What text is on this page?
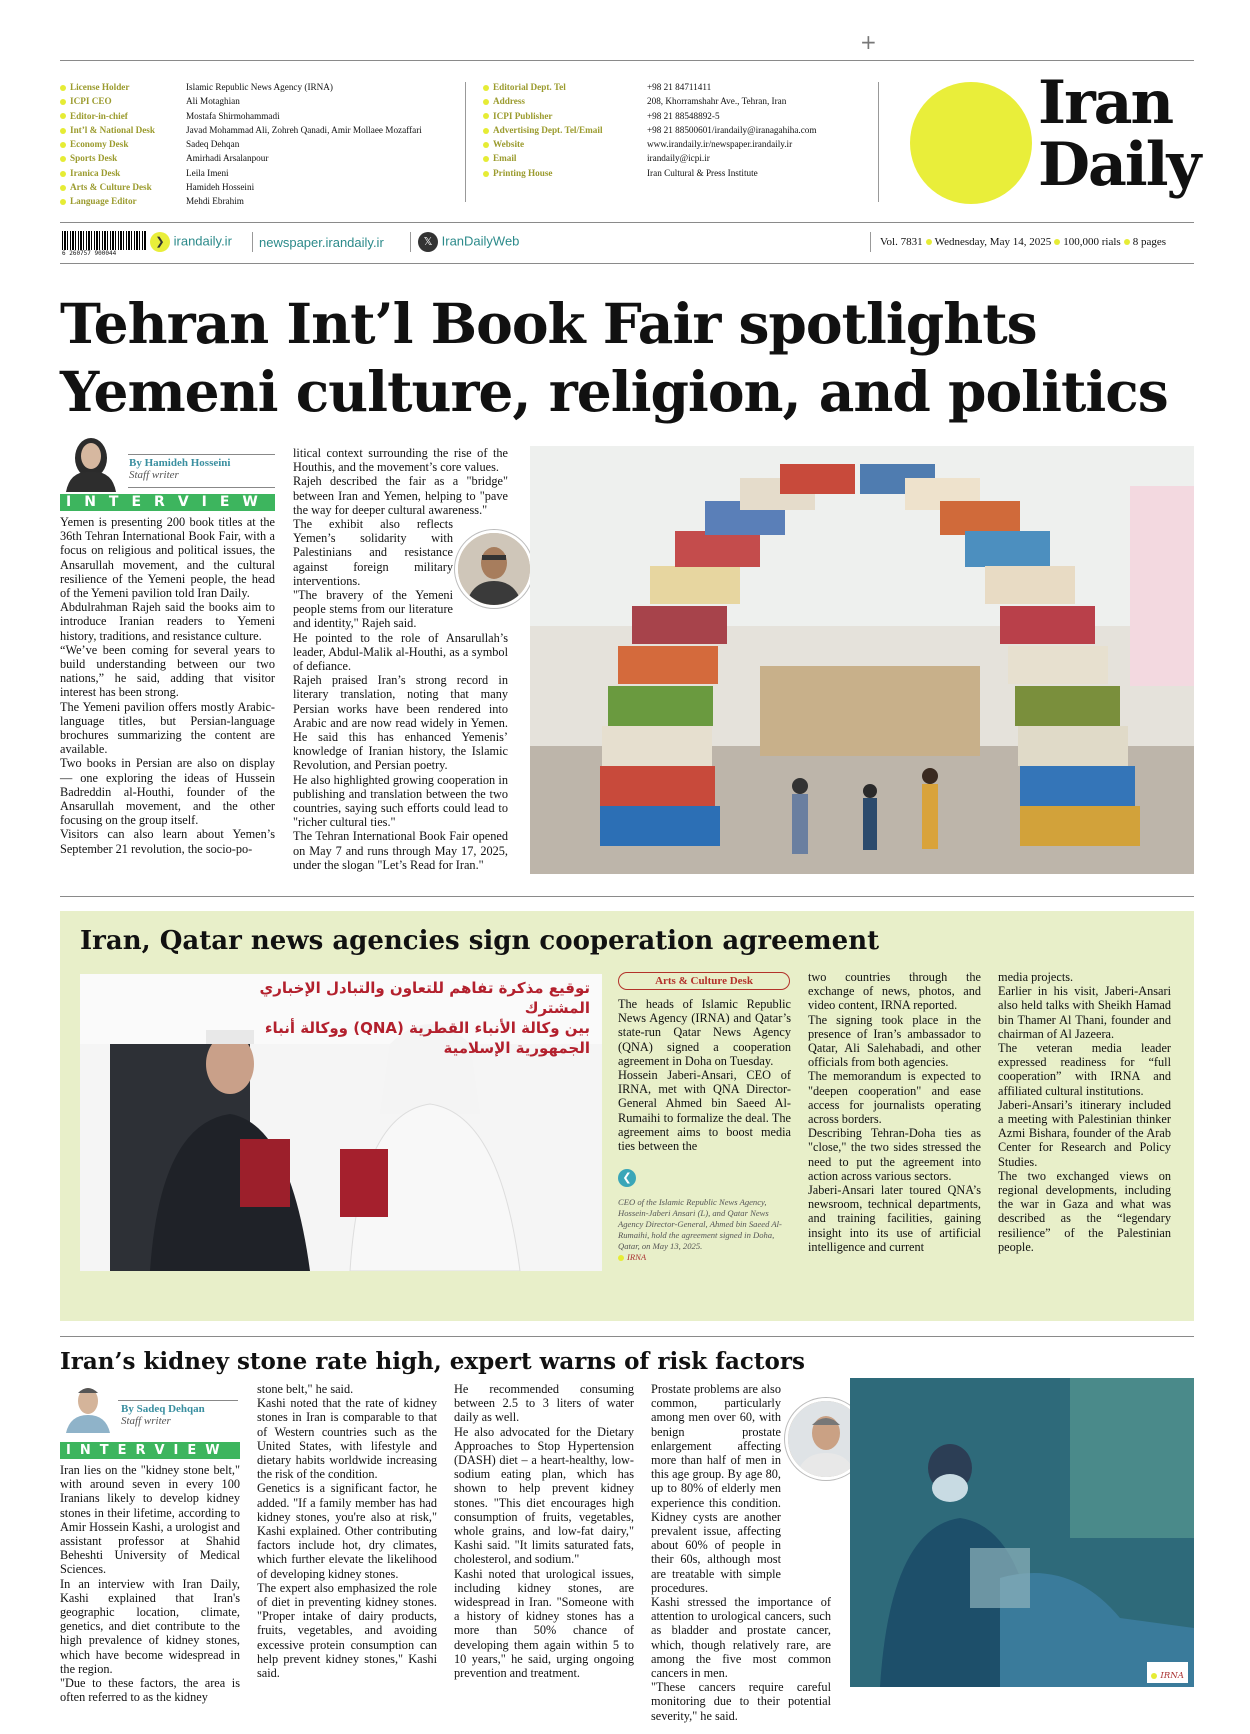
+
License Holder
ICPI CEO
Editor-in-chief
Int’l & National Desk
Economy Desk
Sports Desk
Iranica Desk
Arts & Culture Desk
Language Editor
Islamic Republic News Agency (IRNA)
Ali Motaghian
Mostafa Shirmohammadi
Javad Mohammad Ali, Zohreh Qanadi, Amir Mollaee Mozaffari
Sadeq Dehqan
Amirhadi Arsalanpour
Leila Imeni
Hamideh Hosseini
Mehdi Ebrahim
Editorial Dept. Tel
Address
ICPI Publisher
Advertising Dept. Tel/Email
Website
Email
Printing House
+98 21 84711411
208, Khorramshahr Ave., Tehran, Iran
+98 21 88548892-5
+98 21 88500601/irandaily@iranagahiha.com
www.irandaily.ir/newspaper.irandaily.ir
irandaily@icpi.ir
Iran Cultural & Press Institute
Iran
Daily
6 260757 900044
❯ irandaily.ir newspaper.irandaily.ir	𝕏 IranDailyWeb	Vol. 7831 Wednesday, May 14, 2025 100,000 rials 8 pages
Tehran Int’l Book Fair spotlights
Yemeni culture, religion, and politics
By Hamideh Hosseini
Staff writer
INTERVIEW

Yemen is presenting 200 book titles at the 36th Tehran International Book Fair, with a focus on religious and political issues, the Ansarullah movement, and the cultural resilience of the Yemeni people, the head of the Yemeni pavilion told Iran Daily.

Abdulrahman Rajeh said the books aim to introduce Iranian readers to Yemeni history, traditions, and resistance culture.

“We’ve been coming for several years to build understanding between our two nations,” he said, adding that visitor interest has been strong.

The Yemeni pavilion offers mostly Arabic-language titles, but Persian-language brochures summarizing the content are available.

Two books in Persian are also on display — one exploring the ideas of Hussein Badreddin al-Houthi, founder of the Ansarullah movement, and the other focusing on the group itself.

Visitors can also learn about Yemen’s September 21 revolution, the socio-po-

litical context surrounding the rise of the Houthis, and the movement’s core values.

Rajeh described the fair as a "bridge" between Iran and Yemen, helping to "pave the way for deeper cultural awareness."

The exhibit also reflects Yemen’s solidarity with Palestinians and resistance against foreign military interventions.

"The bravery of the Yemeni people stems from our literature and identity," Rajeh said.

He pointed to the role of Ansarullah’s leader, Abdul-Malik al-Houthi, as a symbol of defiance.

Rajeh praised Iran’s strong record in literary translation, noting that many Persian works have been rendered into Arabic and are now read widely in Yemen. He said this has enhanced Yemenis’ knowledge of Iranian history, the Islamic Revolution, and Persian poetry.

He also highlighted growing cooperation in publishing and translation between the two countries, saying such efforts could lead to "richer cultural ties."

The Tehran International Book Fair opened on May 7 and runs through May 17, 2025, under the slogan "Let’s Read for Iran."

Iran, Qatar news agencies sign cooperation agreement
توقيع مذكرة تفاهم للتعاون والتبادل الإخباري المشترك
بين وكالة الأنباء القطرية (QNA) ووكالة أنباء الجمهورية الإسلامية
Arts & Culture Desk

The heads of Islamic Republic News Agency (IRNA) and Qatar’s state-run Qatar News Agency (QNA) signed a cooperation agreement in Doha on Tuesday.

Hossein Jaberi-Ansari, CEO of IRNA, met with QNA Director-General Ahmed bin Saeed Al-Rumaihi to formalize the deal. The agreement aims to boost media ties between the

❮
CEO of the Islamic Republic News Agency, Hossein-Jaberi Ansari (L), and Qatar News Agency Director-General, Ahmed bin Saeed Al-Rumaihi, hold the agreement signed in Doha, Qatar, on May 13, 2025.
IRNA

two countries through the exchange of news, photos, and video content, IRNA reported.

The signing took place in the presence of Iran’s ambassador to Qatar, Ali Salehabadi, and other officials from both agencies.

The memorandum is expected to "deepen cooperation" and ease access for journalists operating across borders.

Describing Tehran-Doha ties as "close," the two sides stressed the need to put the agreement into action across various sectors.

Jaberi-Ansari later toured QNA’s newsroom, technical departments, and training facilities, gaining insight into its use of artificial intelligence and current

media projects.

Earlier in his visit, Jaberi-Ansari also held talks with Sheikh Hamad bin Thamer Al Thani, founder and chairman of Al Jazeera.

The veteran media leader expressed readiness for “full cooperation” with IRNA and affiliated cultural institutions.

Jaberi-Ansari’s itinerary included a meeting with Palestinian thinker Azmi Bishara, founder of the Arab Center for Research and Policy Studies.

The two exchanged views on regional developments, including the war in Gaza and what was described as the “legendary resilience” of the Palestinian people.

Iran’s kidney stone rate high, expert warns of risk factors
By Sadeq Dehqan
Staff writer
INTERVIEW

Iran lies on the "kidney stone belt," with around seven in every 100 Iranians likely to develop kidney stones in their lifetime, according to Amir Hossein Kashi, a urologist and assistant professor at Shahid Beheshti University of Medical Sciences.

In an interview with Iran Daily, Kashi explained that Iran's geographic location, climate, genetics, and diet contribute to the high prevalence of kidney stones, which have become widespread in the region.

"Due to these factors, the area is often referred to as the kidney

stone belt," he said.

Kashi noted that the rate of kidney stones in Iran is comparable to that of Western countries such as the United States, with lifestyle and dietary habits worldwide increasing the risk of the condition.

Genetics is a significant factor, he added. "If a family member has had kidney stones, you're also at risk," Kashi explained. Other contributing factors include hot, dry climates, which further elevate the likelihood of developing kidney stones.

The expert also emphasized the role of diet in preventing kidney stones. "Proper intake of dairy products, fruits, vegetables, and avoiding excessive protein consumption can help prevent kidney stones," Kashi said.

He recommended consuming between 2.5 to 3 liters of water daily as well.

He also advocated for the Dietary Approaches to Stop Hypertension (DASH) diet – a heart-healthy, low-sodium eating plan, which has shown to help prevent kidney stones. "This diet encourages high consumption of fruits, vegetables, whole grains, and low-fat dairy," Kashi said. "It limits saturated fats, cholesterol, and sodium."

Kashi noted that urological issues, including kidney stones, are widespread in Iran. "Someone with a history of kidney stones has a more than 50% chance of developing them again within 5 to 10 years," he said, urging ongoing prevention and treatment.

Prostate problems are also common, particularly among men over 60, with benign prostate enlargement affecting more than half of men in this age group. By age 80, up to 80% of elderly men experience this condition. Kidney cysts are another prevalent issue, affecting about 60% of people in their 60s, although most are treatable with simple procedures.

Kashi stressed the importance of attention to urological cancers, such as bladder and prostate cancer, which, though relatively rare, are among the five most common cancers in men.

"These cancers require careful monitoring due to their potential severity," he said.

IRNA
